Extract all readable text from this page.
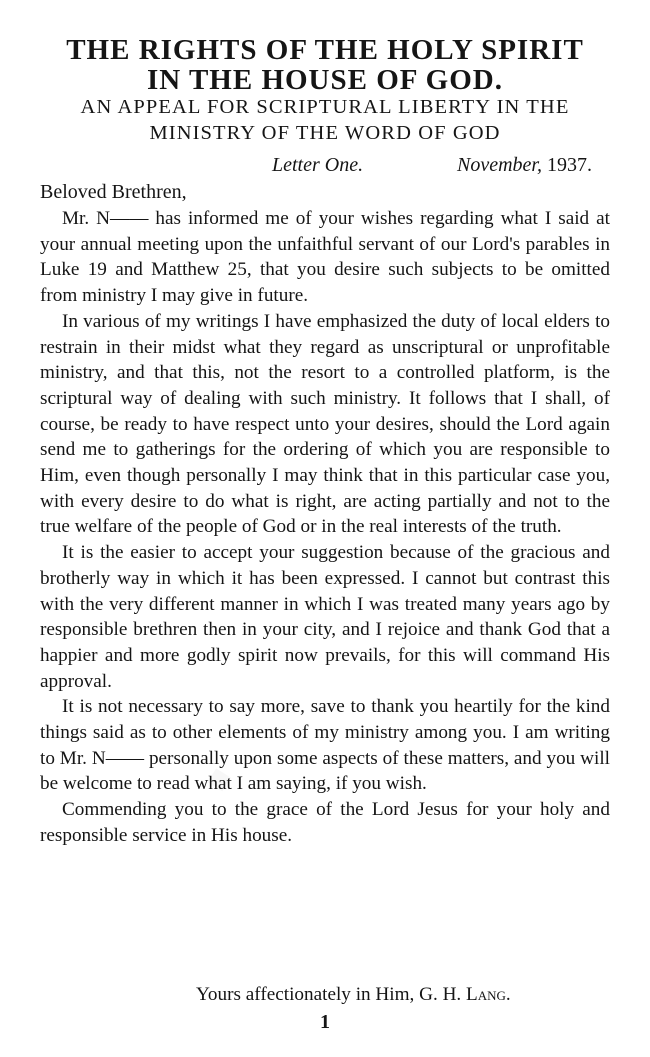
·
THE RIGHTS OF THE HOLY SPIRIT
IN THE HOUSE OF GOD.
AN APPEAL FOR SCRIPTURAL LIBERTY IN THE
MINISTRY OF THE WORD OF GOD
Letter One.	November, 1937.
Beloved Brethren,

Mr. N—— has informed me of your wishes regarding what I said at your annual meeting upon the unfaithful servant of our Lord's parables in Luke 19 and Matthew 25, that you desire such subjects to be omitted from ministry I may give in future.

In various of my writings I have emphasized the duty of local elders to restrain in their midst what they regard as unscriptural or unprofitable ministry, and that this, not the resort to a controlled platform, is the scriptural way of dealing with such ministry. It follows that I shall, of course, be ready to have respect unto your desires, should the Lord again send me to gatherings for the ordering of which you are responsible to Him, even though personally I may think that in this particular case you, with every desire to do what is right, are acting partially and not to the true welfare of the people of God or in the real interests of the truth.

It is the easier to accept your suggestion because of the gracious and brotherly way in which it has been expressed. I cannot but contrast this with the very different manner in which I was treated many years ago by responsible brethren then in your city, and I rejoice and thank God that a happier and more godly spirit now prevails, for this will command His approval.

It is not necessary to say more, save to thank you heartily for the kind things said as to other elements of my ministry among you. I am writing to Mr. N—— personally upon some aspects of these matters, and you will be welcome to read what I am saying, if you wish.

Commending you to the grace of the Lord Jesus for your holy and responsible service in His house.

Yours affectionately in Him, G. H. Lang.
1
